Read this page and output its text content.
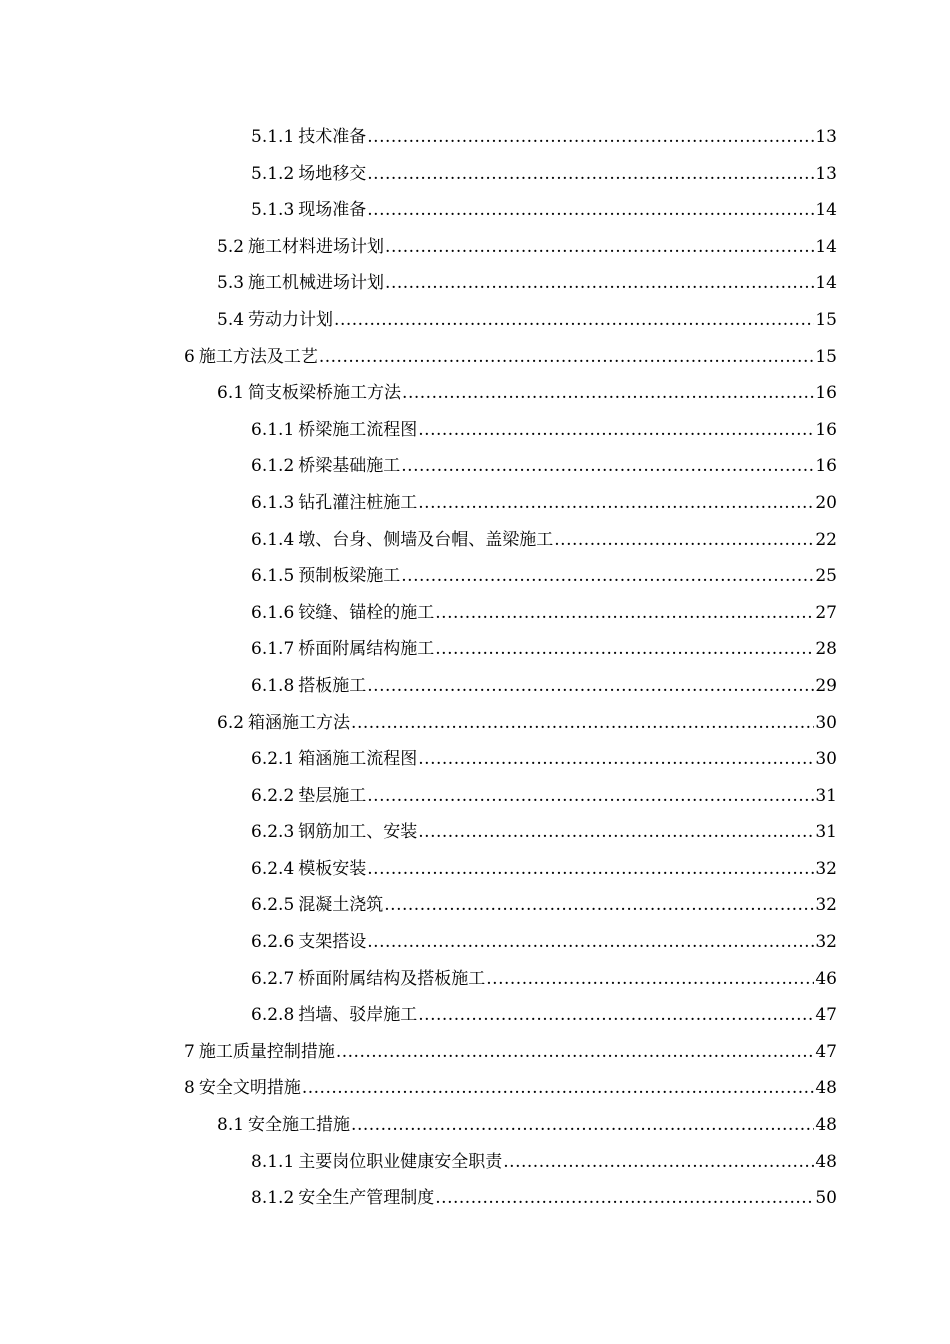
5.1.1 技术准备 .....	13
5.1.2 场地移交 .....	13
5.1.3 现场准备 .....	14
5.2 施工材料进场计划 .....	14
5.3 施工机械进场计划 .....	14
5.4 劳动力计划 .....	15
6 施工方法及工艺 .....	15
6.1 简支板梁桥施工方法 .....	16
6.1.1 桥梁施工流程图 .....	16
6.1.2 桥梁基础施工 .....	16
6.1.3 钻孔灌注桩施工 .....	20
6.1.4 墩、台身、侧墙及台帽、盖梁施工 .....	22
6.1.5 预制板梁施工 .....	25
6.1.6 铰缝、锚栓的施工 .....	27
6.1.7 桥面附属结构施工 .....	28
6.1.8 搭板施工 .....	29
6.2 箱涵施工方法 .....	30
6.2.1 箱涵施工流程图 .....	30
6.2.2 垫层施工 .....	31
6.2.3 钢筋加工、安装 .....	31
6.2.4 模板安装 .....	32
6.2.5 混凝土浇筑 .....	32
6.2.6 支架搭设 .....	32
6.2.7 桥面附属结构及搭板施工 .....	46
6.2.8 挡墙、驳岸施工 .....	47
7 施工质量控制措施 .....	47
8 安全文明措施 .....	48
8.1 安全施工措施 .....	48
8.1.1 主要岗位职业健康安全职责 .....	48
8.1.2 安全生产管理制度 .....	50
